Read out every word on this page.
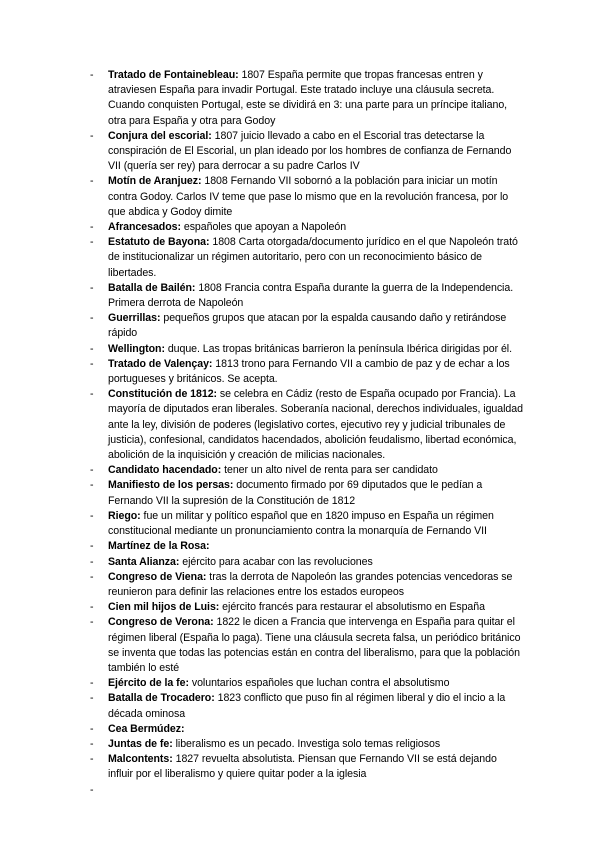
- Tratado de Fontainebleau: 1807 España permite que tropas francesas entren y atraviesen España para invadir Portugal. Este tratado incluye una cláusula secreta. Cuando conquisten Portugal, este se dividirá en 3: una parte para un príncipe italiano, otra para España y otra para Godoy
- Conjura del escorial: 1807 juicio llevado a cabo en el Escorial tras detectarse la conspiración de El Escorial, un plan ideado por los hombres de confianza de Fernando VII (quería ser rey) para derrocar a su padre Carlos IV
- Motín de Aranjuez: 1808 Fernando VII sobornó a la población para iniciar un motín contra Godoy. Carlos IV teme que pase lo mismo que en la revolución francesa, por lo que abdica y Godoy dimite
- Afrancesados: españoles que apoyan a Napoleón
- Estatuto de Bayona: 1808 Carta otorgada/documento jurídico en el que Napoleón trató de institucionalizar un régimen autoritario, pero con un reconocimiento básico de libertades.
- Batalla de Bailén: 1808 Francia contra España durante la guerra de la Independencia. Primera derrota de Napoleón
- Guerrillas: pequeños grupos que atacan por la espalda causando daño y retirándose rápido
- Wellington: duque. Las tropas británicas barrieron la península Ibérica dirigidas por él.
- Tratado de Valençay: 1813 trono para Fernando VII a cambio de paz y de echar a los portugueses y británicos. Se acepta.
- Constitución de 1812: se celebra en Cádiz (resto de España ocupado por Francia). La mayoría de diputados eran liberales. Soberanía nacional, derechos individuales, igualdad ante la ley, división de poderes (legislativo cortes, ejecutivo rey y judicial tribunales de justicia), confesional, candidatos hacendados, abolición feudalismo, libertad económica, abolición de la inquisición y creación de milicias nacionales.
- Candidato hacendado: tener un alto nivel de renta para ser candidato
- Manifiesto de los persas: documento firmado por 69 diputados que le pedían a Fernando VII la supresión de la Constitución de 1812
- Riego: fue un militar y político español que en 1820 impuso en España un régimen constitucional mediante un pronunciamiento contra la monarquía de Fernando VII
- Martínez de la Rosa:
- Santa Alianza: ejército para acabar con las revoluciones
- Congreso de Viena: tras la derrota de Napoleón las grandes potencias vencedoras se reunieron para definir las relaciones entre los estados europeos
- Cien mil hijos de Luis: ejército francés para restaurar el absolutismo en España
- Congreso de Verona: 1822 le dicen a Francia que intervenga en España para quitar el régimen liberal (España lo paga). Tiene una cláusula secreta falsa, un periódico británico se inventa que todas las potencias están en contra del liberalismo, para que la población también lo esté
- Ejército de la fe: voluntarios españoles que luchan contra el absolutismo
- Batalla de Trocadero: 1823 conflicto que puso fin al régimen liberal y dio el incio a la década ominosa
- Cea Bermúdez:
- Juntas de fe: liberalismo es un pecado. Investiga solo temas religiosos
- Malcontents: 1827 revuelta absolutista. Piensan que Fernando VII se está dejando influir por el liberalismo y quiere quitar poder a la iglesia
-
